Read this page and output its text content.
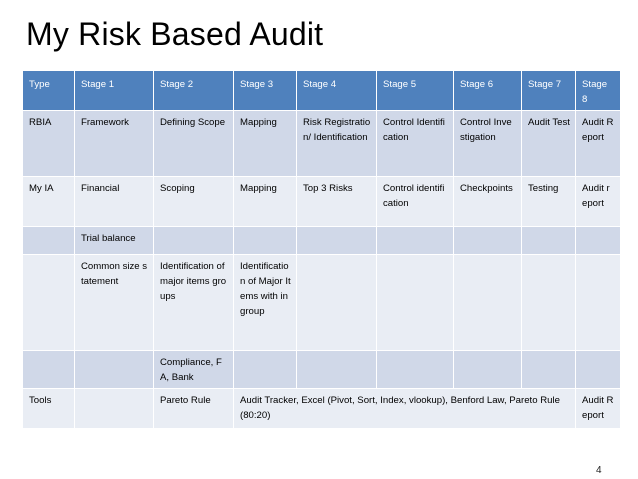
My Risk Based Audit
Type	Stage 1	Stage 2	Stage 3	Stage 4	Stage 5	Stage 6	Stage 7	Stage 8
RBIA	Framework	Defining Scope	Mapping	Risk Registration/ Identification	Control Identification	Control Investigation	Audit Test	Audit Report
My IA	Financial	Scoping	Mapping	Top 3 Risks	Control identification	Checkpoints	Testing	Audit report
	Trial balance							
	Common size statement	Identification of major items groups	Identification of Major Items with in group					
		Compliance, FA, Bank						
Tools		Pareto Rule	Audit Tracker, Excel (Pivot, Sort, Index, vlookup), Benford Law, Pareto Rule (80:20)					Audit Report
4
